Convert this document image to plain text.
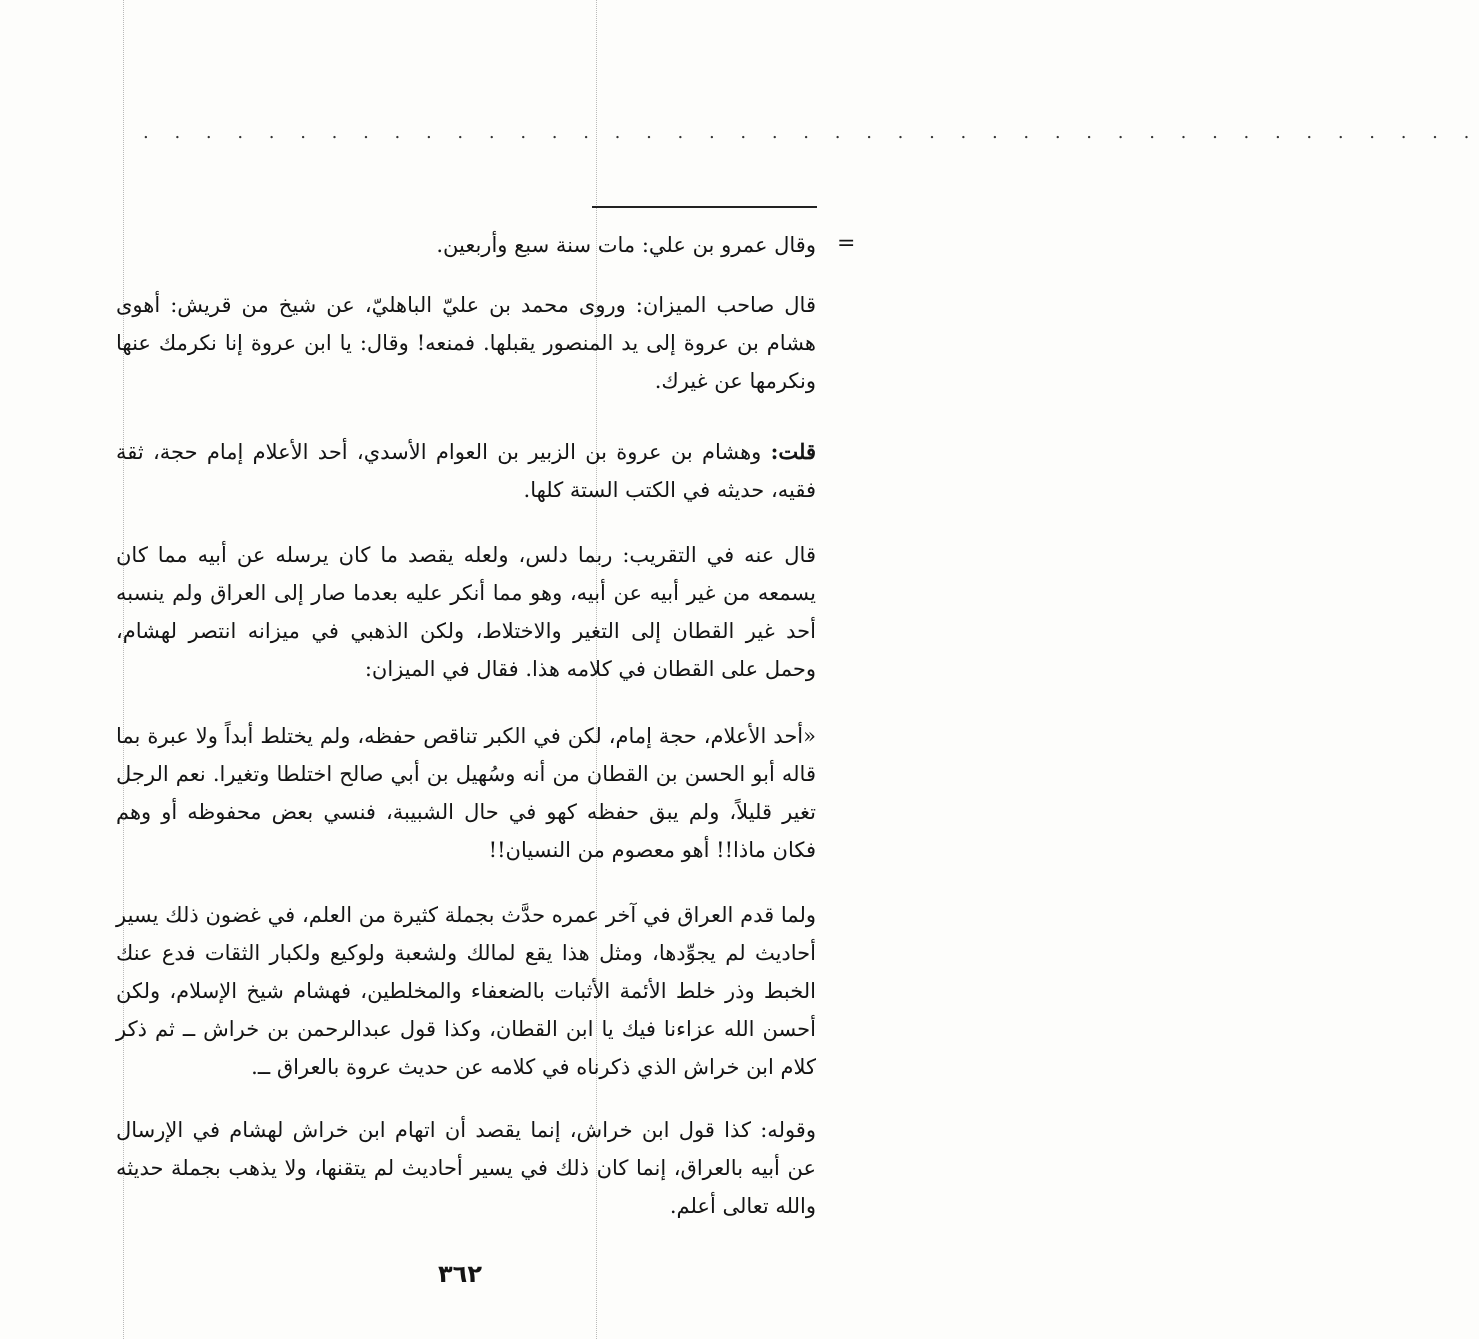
. . . . . . . . . . . . . . . . . . . . . . . . . . . . . . . . . . . . . . . . . . .
=

وقال عمرو بن علي: مات سنة سبع وأربعين.

قال صاحب الميزان: وروى محمد بن عليّ الباهليّ، عن شيخ من قريش: أهوى هشام بن عروة إلى يد المنصور يقبلها. فمنعه! وقال: يا ابن عروة إنا نكرمك عنها ونكرمها عن غيرك.

قلت: وهشام بن عروة بن الزبير بن العوام الأسدي، أحد الأعلام إمام حجة، ثقة فقيه، حديثه في الكتب الستة كلها.

قال عنه في التقريب: ربما دلس، ولعله يقصد ما كان يرسله عن أبيه مما كان يسمعه من غير أبيه عن أبيه، وهو مما أنكر عليه بعدما صار إلى العراق ولم ينسبه أحد غير القطان إلى التغير والاختلاط، ولكن الذهبي في ميزانه انتصر لهشام، وحمل على القطان في كلامه هذا. فقال في الميزان:

«أحد الأعلام، حجة إمام، لكن في الكبر تناقص حفظه، ولم يختلط أبداً ولا عبرة بما قاله أبو الحسن بن القطان من أنه وسُهيل بن أبي صالح اختلطا وتغيرا. نعم الرجل تغير قليلاً، ولم يبق حفظه كهو في حال الشبيبة، فنسي بعض محفوظه أو وهم فكان ماذا!! أهو معصوم من النسيان!!

ولما قدم العراق في آخر عمره حدَّث بجملة كثيرة من العلم، في غضون ذلك يسير أحاديث لم يجوِّدها، ومثل هذا يقع لمالك ولشعبة ولوكيع ولكبار الثقات فدع عنك الخبط وذر خلط الأئمة الأثبات بالضعفاء والمخلطين، فهشام شيخ الإسلام، ولكن أحسن الله عزاءنا فيك يا ابن القطان، وكذا قول عبدالرحمن بن خراش ــ ثم ذكر كلام ابن خراش الذي ذكرناه في كلامه عن حديث عروة بالعراق ــ.

وقوله: كذا قول ابن خراش، إنما يقصد أن اتهام ابن خراش لهشام في الإرسال عن أبيه بالعراق، إنما كان ذلك في يسير أحاديث لم يتقنها، ولا يذهب بجملة حديثه والله تعالى أعلم.

٣٦٢
